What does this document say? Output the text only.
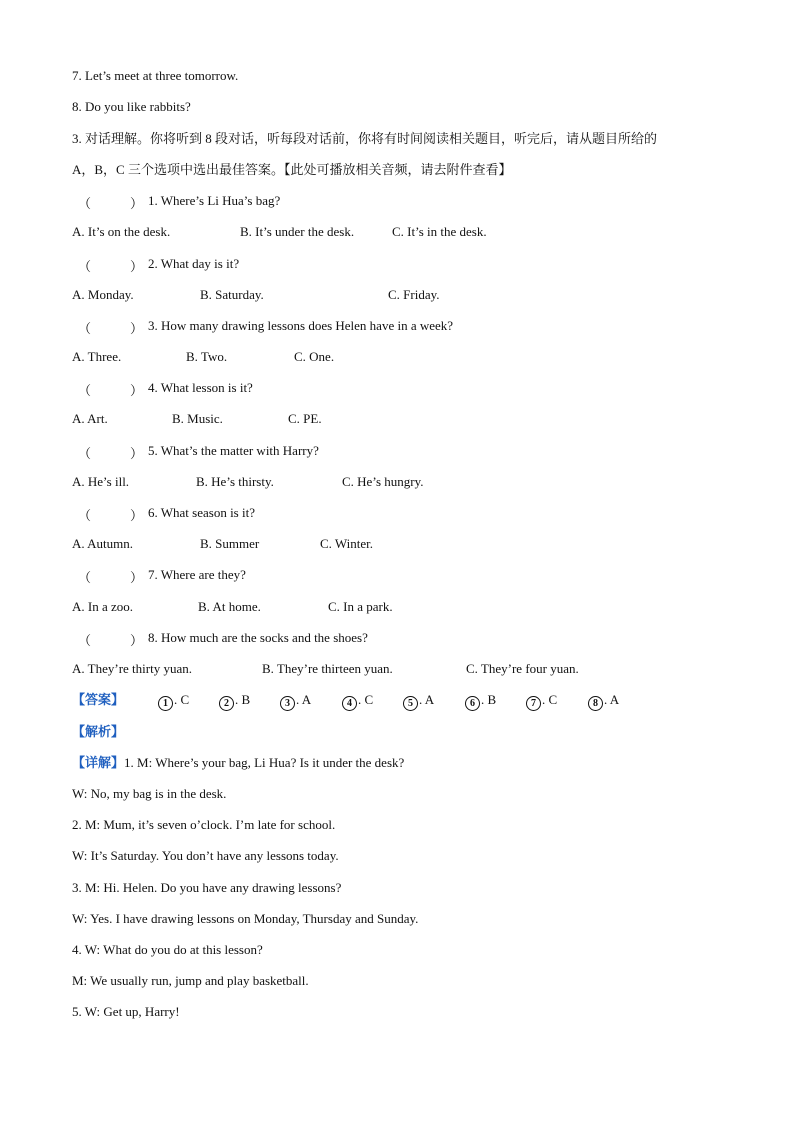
7. Let’s meet at three tomorrow.
8. Do you like rabbits?
3. 对话理解。你将听到 8 段对话，听每段对话前，你将有时间阅读相关题目，听完后，请从题目所给的
A，B，C 三个选项中选出最佳答案。【此处可播放相关音频，请去附件查看】
（	） 1. Where’s Li Hua’s bag?
A. It’s on the desk.	B. It’s under the desk.	C. It’s in the desk.
（	） 2. What day is it?
A. Monday.	B. Saturday.	C. Friday.
（	） 3. How many drawing lessons does Helen have in a week?
A. Three.	B. Two.	C. One.
（	） 4. What lesson is it?
A. Art.	B. Music.	C. PE.
（	） 5. What’s the matter with Harry?
A. He’s ill.	B. He’s thirsty.	C. He’s hungry.
（	） 6. What season is it?
A. Autumn.	B. Summer	C. Winter.
（	） 7. Where are they?
A. In a zoo.	B. At home.	C. In a park.
（	） 8. How much are the socks and the shoes?
A. They’re thirty yuan.	B. They’re thirteen yuan.	C. They’re four yuan.
【答案】	1 . C	2 . B	3 . A	4 . C	5 . A	6 . B	7 . C	8 . A
【解析】
【详解】1. M: Where’s your bag, Li Hua? Is it under the desk?
W: No, my bag is in the desk.
2. M: Mum, it’s seven o’clock. I’m late for school.
W: It’s Saturday. You don’t have any lessons today.
3. M: Hi. Helen. Do you have any drawing lessons?
W: Yes. I have drawing lessons on Monday, Thursday and Sunday.
4. W: What do you do at this lesson?
M: We usually run, jump and play basketball.
5. W: Get up, Harry!
